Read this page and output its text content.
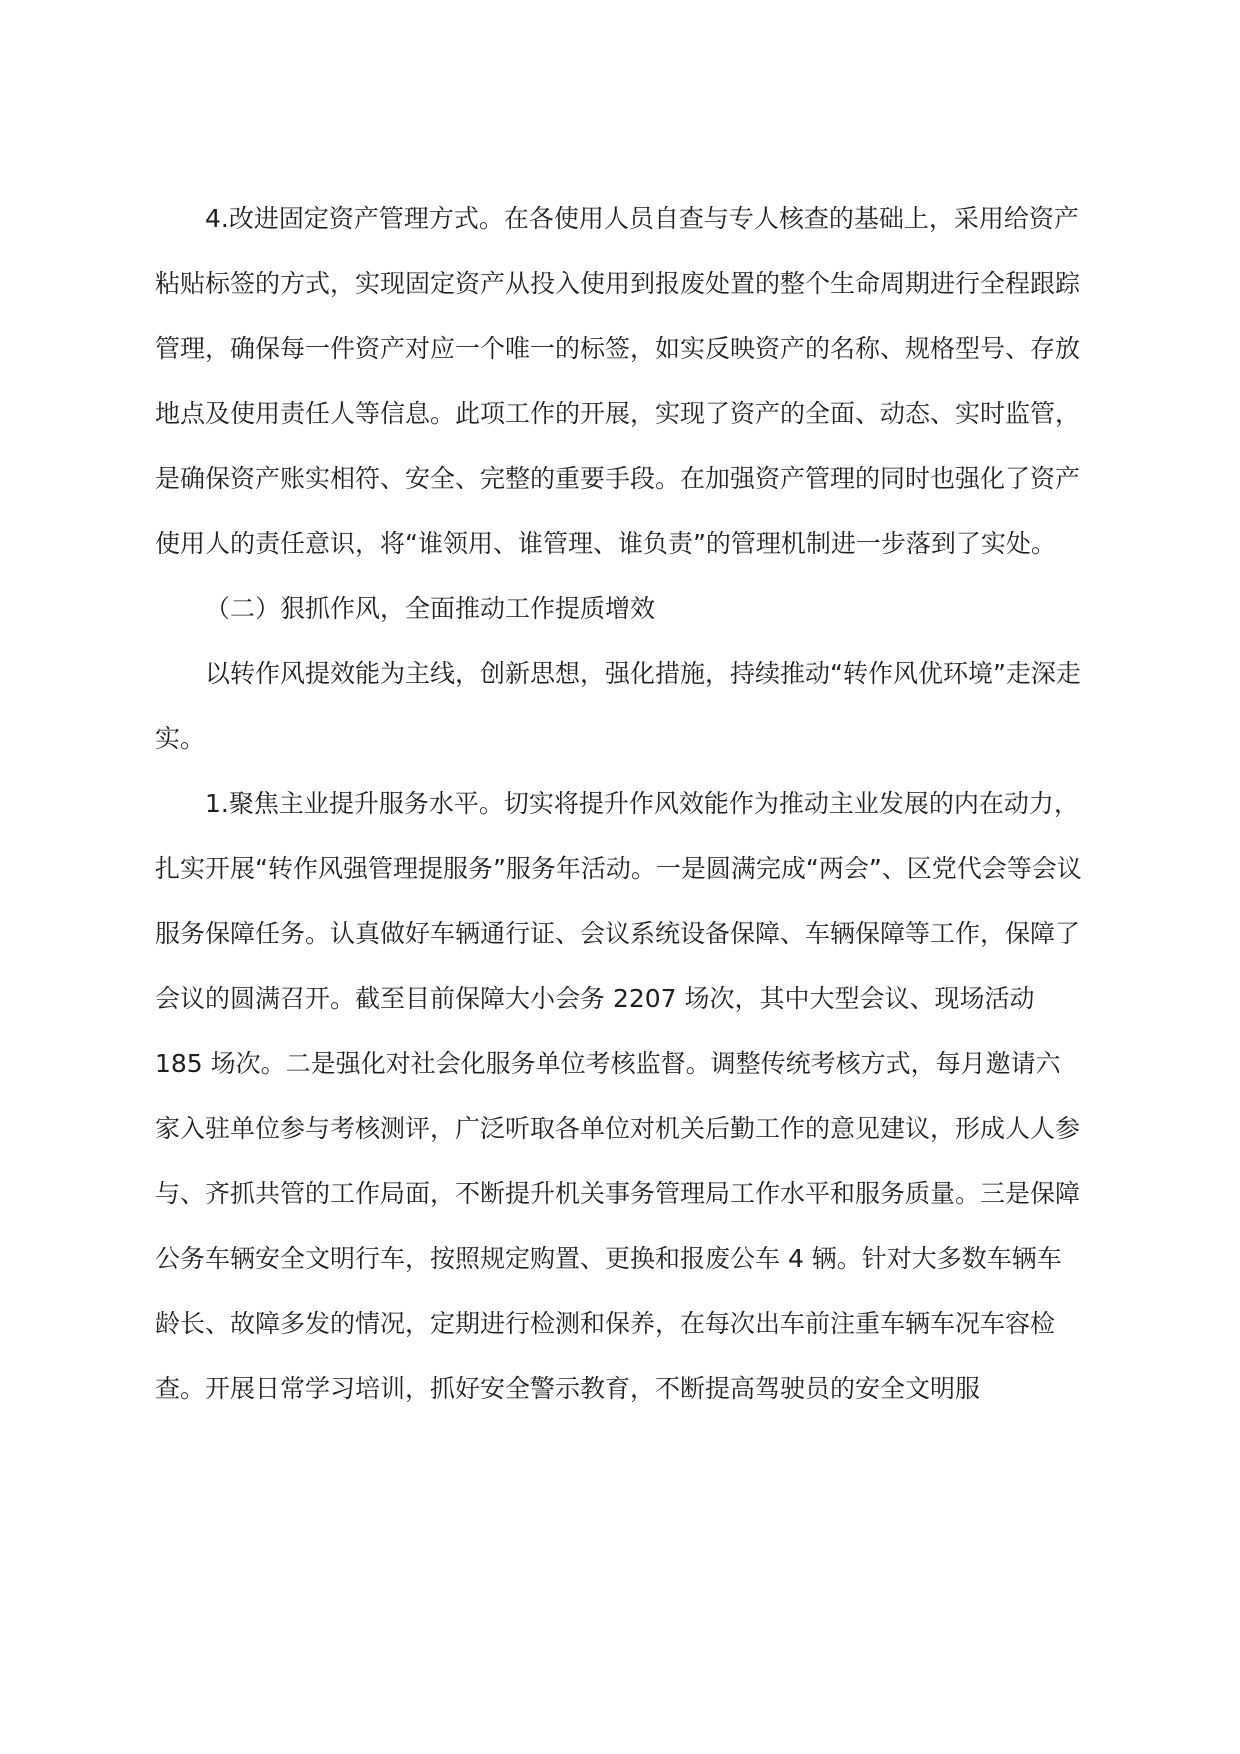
4.改进固定资产管理方式。在各使用人员自查与专人核查的基础上，采用给资产粘贴标签的方式，实现固定资产从投入使用到报废处置的整个生命周期进行全程跟踪管理，确保每一件资产对应一个唯一的标签，如实反映资产的名称、规格型号、存放地点及使用责任人等信息。此项工作的开展，实现了资产的全面、动态、实时监管，是确保资产账实相符、安全、完整的重要手段。在加强资产管理的同时也强化了资产使用人的责任意识，将“谁领用、谁管理、谁负责”的管理机制进一步落到了实处。

（二）狠抓作风，全面推动工作提质增效

以转作风提效能为主线，创新思想，强化措施，持续推动“转作风优环境”走深走实。

1.聚焦主业提升服务水平。切实将提升作风效能作为推动主业发展的内在动力，扎实开展“转作风强管理提服务”服务年活动。一是圆满完成“两会”、区党代会等会议服务保障任务。认真做好车辆通行证、会议系统设备保障、车辆保障等工作，保障了会议的圆满召开。截至目前保障大小会务 2207 场次，其中大型会议、现场活动 185 场次。二是强化对社会化服务单位考核监督。调整传统考核方式，每月邀请六家入驻单位参与考核测评，广泛听取各单位对机关后勤工作的意见建议，形成人人参与、齐抓共管的工作局面，不断提升机关事务管理局工作水平和服务质量。三是保障公务车辆安全文明行车，按照规定购置、更换和报废公车 4 辆。针对大多数车辆车龄长、故障多发的情况，定期进行检测和保养，在每次出车前注重车辆车况车容检查。开展日常学习培训，抓好安全警示教育，不断提高驾驶员的安全文明服
